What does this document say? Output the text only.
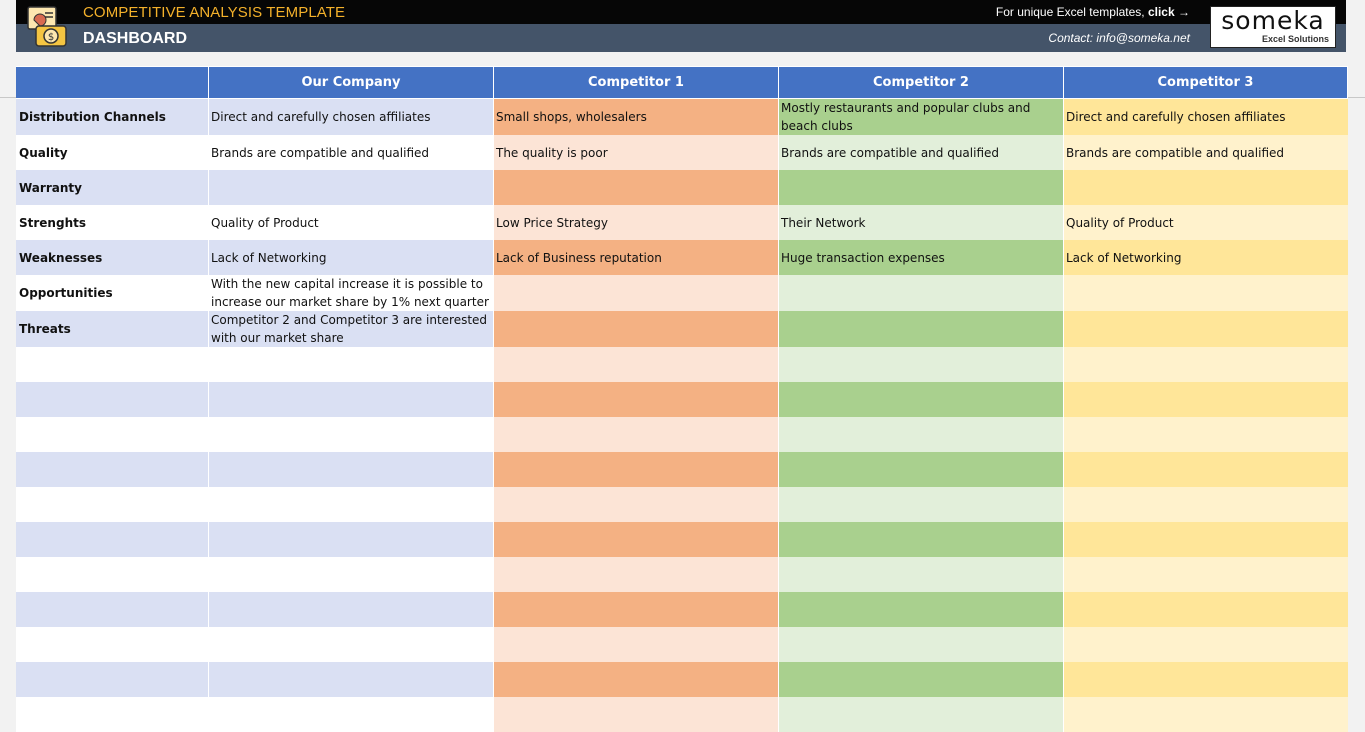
$
COMPETITIVE ANALYSIS TEMPLATE
DASHBOARD
For unique Excel templates, click →
Contact: info@someka.net
someka
Excel Solutions
	Our Company	Competitor 1	Competitor 2	Competitor 3
Distribution Channels	Direct and carefully chosen affiliates	Small shops, wholesalers	Mostly restaurants and popular clubs and beach clubs	Direct and carefully chosen affiliates
Quality	Brands are compatible and qualified	The quality is poor	Brands are compatible and qualified	Brands are compatible and qualified
Warranty				
Strenghts	Quality of Product	Low Price Strategy	Their Network	Quality of Product
Weaknesses	Lack of Networking	Lack of Business reputation	Huge transaction expenses	Lack of Networking
Opportunities	With the new capital increase it is possible to increase our market share by 1% next quarter			
Threats	Competitor 2 and Competitor 3 are interested with our market share			
